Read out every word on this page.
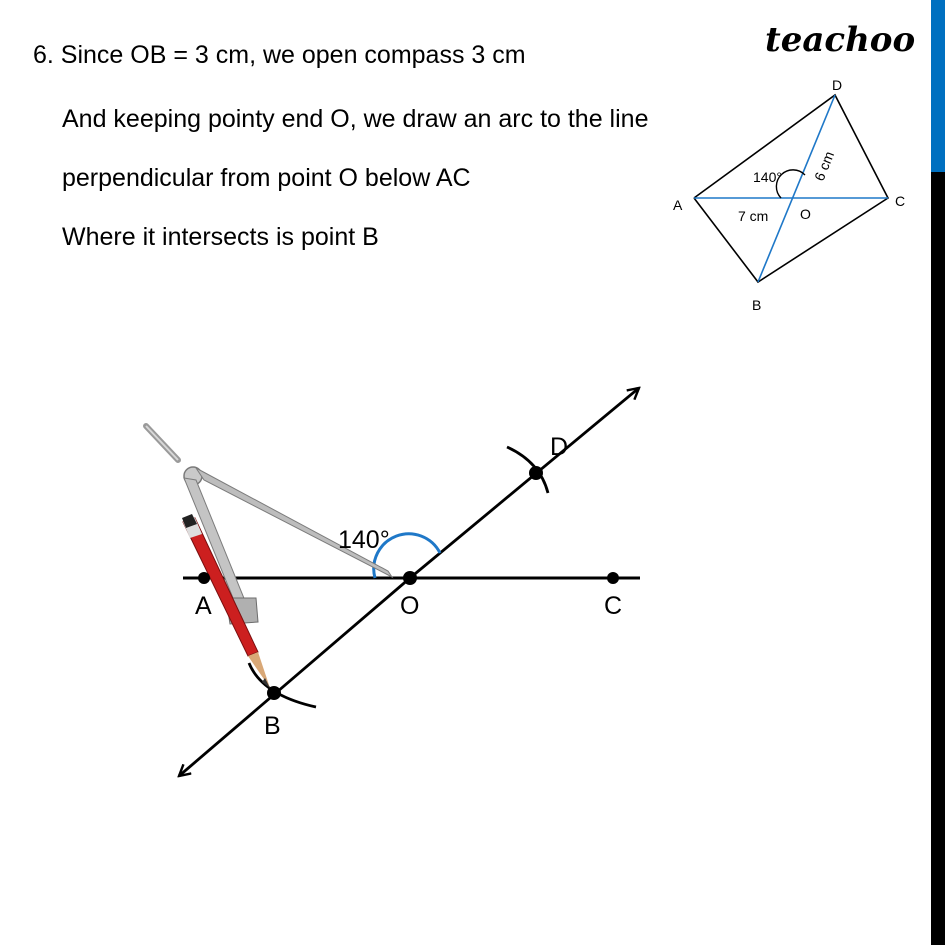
6. Since OB = 3 cm, we open compass 3 cm
And keeping pointy end O, we draw an arc to the line
perpendicular from point O below AC
Where it intersects is point B
teachoo
D
A	C
B
O
7 cm
140° 6 cm
140°
A	O	C
D
B
